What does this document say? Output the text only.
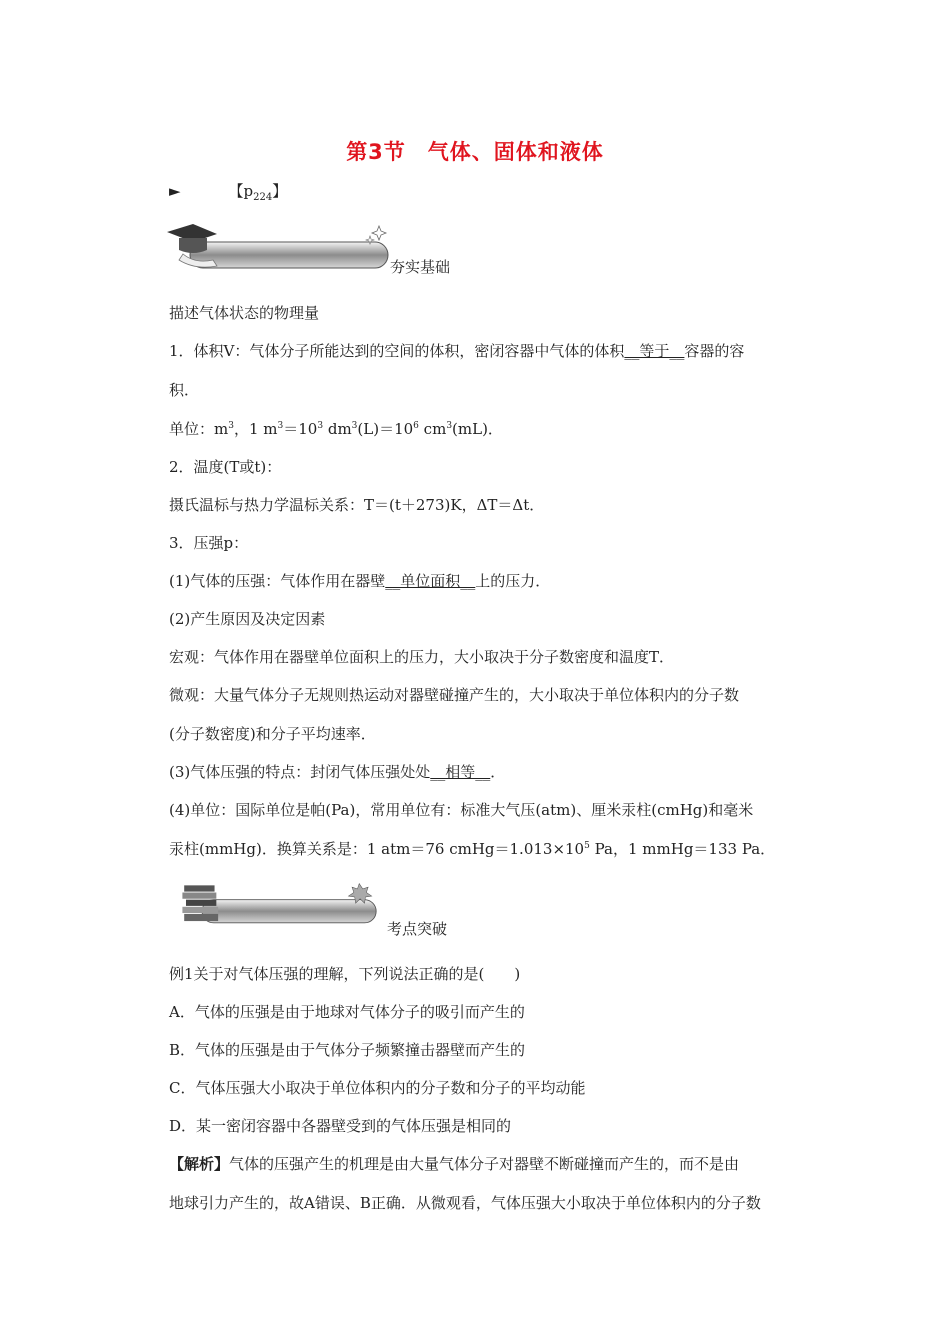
第3节　气体、固体和液体
►	【$p_{224}$】
夯实基础
描述气体状态的物理量
1．体积V：气体分子所能达到的空间的体积，密闭容器中气体的体积__等于__容器的容
积．
单位：$m^3$，1 $m^3=10^3$ $dm^3(L)=10^6$ $cm^3(mL)$．
2．温度(T或t)：
摄氏温标与热力学温标关系：T＝(t＋273)K，ΔT＝Δt．
3．压强p：
(1)气体的压强：气体作用在器壁__单位面积__上的压力．
(2)产生原因及决定因素
宏观：气体作用在器壁单位面积上的压力，大小取决于分子数密度和温度T．
微观：大量气体分子无规则热运动对器壁碰撞产生的，大小取决于单位体积内的分子数
(分子数密度)和分子平均速率．
(3)气体压强的特点：封闭气体压强处处__相等__．
(4)单位：国际单位是帕(Pa)，常用单位有：标准大气压(atm)、厘米汞柱(cmHg)和毫米
汞柱(mmHg)．换算关系是：1 atm＝76 $cmHg=1.013\times 10^5$ Pa，1 mmHg＝133 Pa．
考点突破
例1关于对气体压强的理解，下列说法正确的是(　　)
A．气体的压强是由于地球对气体分子的吸引而产生的
B．气体的压强是由于气体分子频繁撞击器壁而产生的
C．气体压强大小取决于单位体积内的分子数和分子的平均动能
D．某一密闭容器中各器壁受到的气体压强是相同的
【解析】气体的压强产生的机理是由大量气体分子对器壁不断碰撞而产生的，而不是由
地球引力产生的，故A错误、B正确．从微观看，气体压强大小取决于单位体积内的分子数
